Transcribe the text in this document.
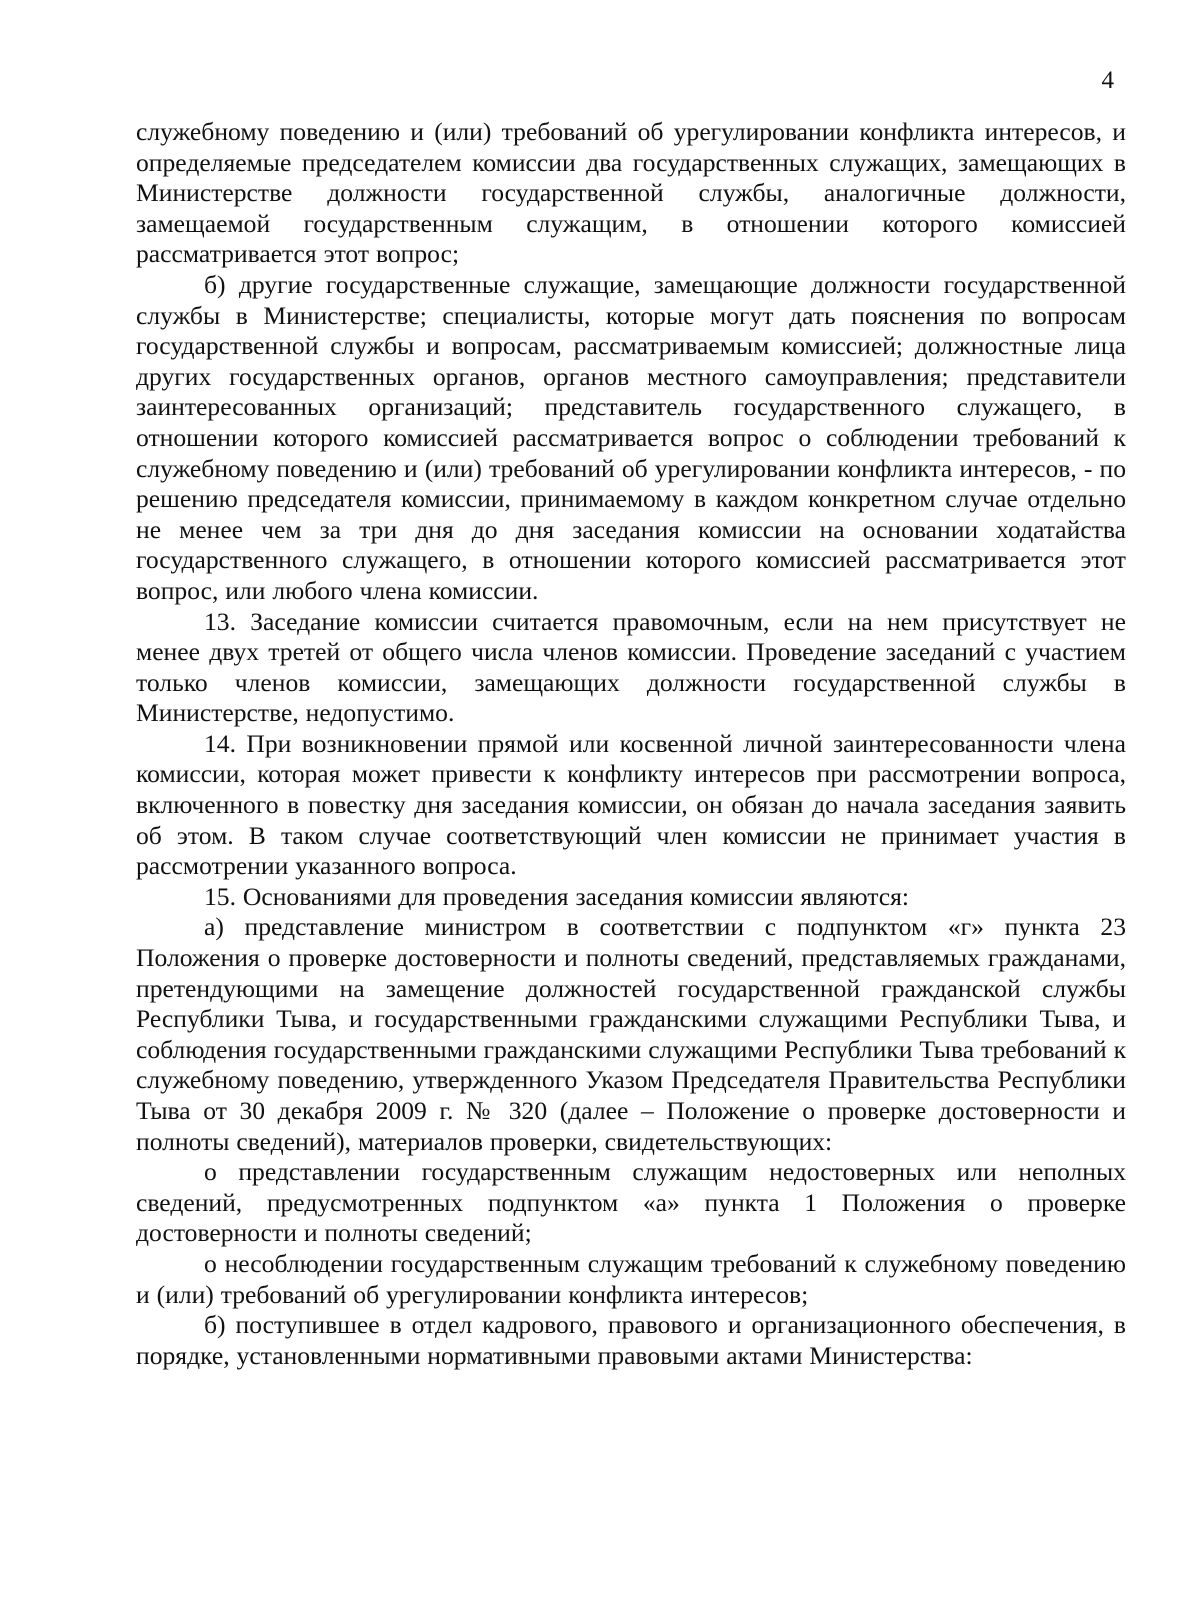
4

служебному поведению и (или) требований об урегулировании конфликта интересов, и определяемые председателем комиссии два государственных служащих, замещающих в Министерстве должности государственной службы, аналогичные должности, замещаемой государственным служащим, в отношении которого комиссией рассматривается этот вопрос;

б) другие государственные служащие, замещающие должности государственной службы в Министерстве; специалисты, которые могут дать пояснения по вопросам государственной службы и вопросам, рассматриваемым комиссией; должностные лица других государственных органов, органов местного самоуправления; представители заинтересованных организаций; представитель государственного служащего, в отношении которого комиссией рассматривается вопрос о соблюдении требований к служебному поведению и (или) требований об урегулировании конфликта интересов, - по решению председателя комиссии, принимаемому в каждом конкретном случае отдельно не менее чем за три дня до дня заседания комиссии на основании ходатайства государственного служащего, в отношении которого комиссией рассматривается этот вопрос, или любого члена комиссии.

13. Заседание комиссии считается правомочным, если на нем присутствует не менее двух третей от общего числа членов комиссии. Проведение заседаний с участием только членов комиссии, замещающих должности государственной службы в Министерстве, недопустимо.

14. При возникновении прямой или косвенной личной заинтересованности члена комиссии, которая может привести к конфликту интересов при рассмотрении вопроса, включенного в повестку дня заседания комиссии, он обязан до начала заседания заявить об этом. В таком случае соответствующий член комиссии не принимает участия в рассмотрении указанного вопроса.

15. Основаниями для проведения заседания комиссии являются:

а) представление министром в соответствии с подпунктом «г» пункта 23 Положения о проверке достоверности и полноты сведений, представляемых гражданами, претендующими на замещение должностей государственной гражданской службы Республики Тыва, и государственными гражданскими служащими Республики Тыва, и соблюдения государственными гражданскими служащими Республики Тыва требований к служебному поведению, утвержденного Указом Председателя Правительства Республики Тыва от 30 декабря 2009 г. № 320 (далее – Положение о проверке достоверности и полноты сведений), материалов проверки, свидетельствующих:

о представлении государственным служащим недостоверных или неполных сведений, предусмотренных подпунктом «а» пункта 1 Положения о проверке достоверности и полноты сведений;

о несоблюдении государственным служащим требований к служебному поведению и (или) требований об урегулировании конфликта интересов;

б) поступившее в отдел кадрового, правового и организационного обеспечения, в порядке, установленными нормативными правовыми актами Министерства:
